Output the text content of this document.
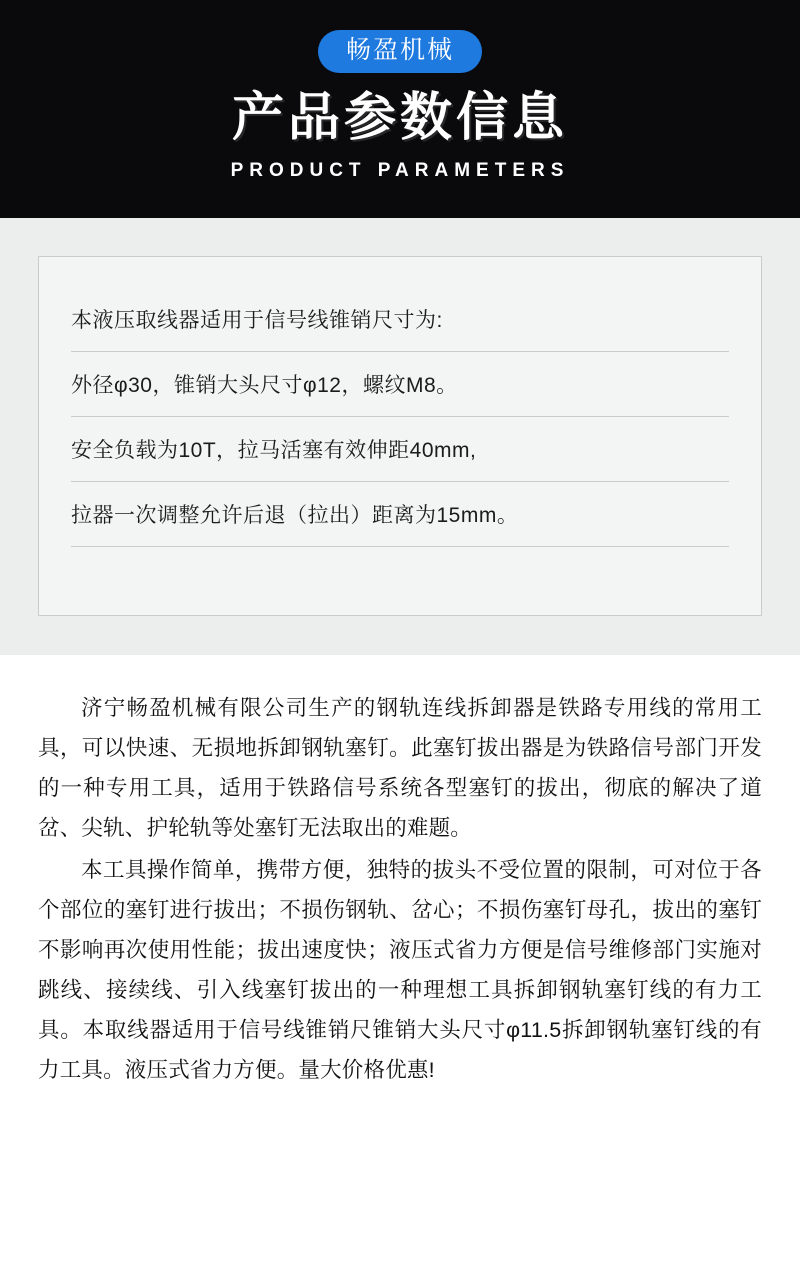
畅盈机械
产品参数信息
PRODUCT PARAMETERS
本液压取线器适用于信号线锥销尺寸为:
外径φ30，锥销大头尺寸φ12，螺纹M8。
安全负载为10T，拉马活塞有效伸距40mm,
拉器一次调整允许后退（拉出）距离为15mm。

济宁畅盈机械有限公司生产的钢轨连线拆卸器是铁路专用线的常用工具，可以快速、无损地拆卸钢轨塞钉。此塞钉拔出器是为铁路信号部门开发的一种专用工具，适用于铁路信号系统各型塞钉的拔出，彻底的解决了道岔、尖轨、护轮轨等处塞钉无法取出的难题。

本工具操作简单，携带方便，独特的拔头不受位置的限制，可对位于各个部位的塞钉进行拔出；不损伤钢轨、岔心；不损伤塞钉母孔，拔出的塞钉不影响再次使用性能；拔出速度快；液压式省力方便是信号维修部门实施对跳线、接续线、引入线塞钉拔出的一种理想工具拆卸钢轨塞钉线的有力工具。本取线器适用于信号线锥销尺锥销大头尺寸φ11.5拆卸钢轨塞钉线的有力工具。液压式省力方便。量大价格优惠!
